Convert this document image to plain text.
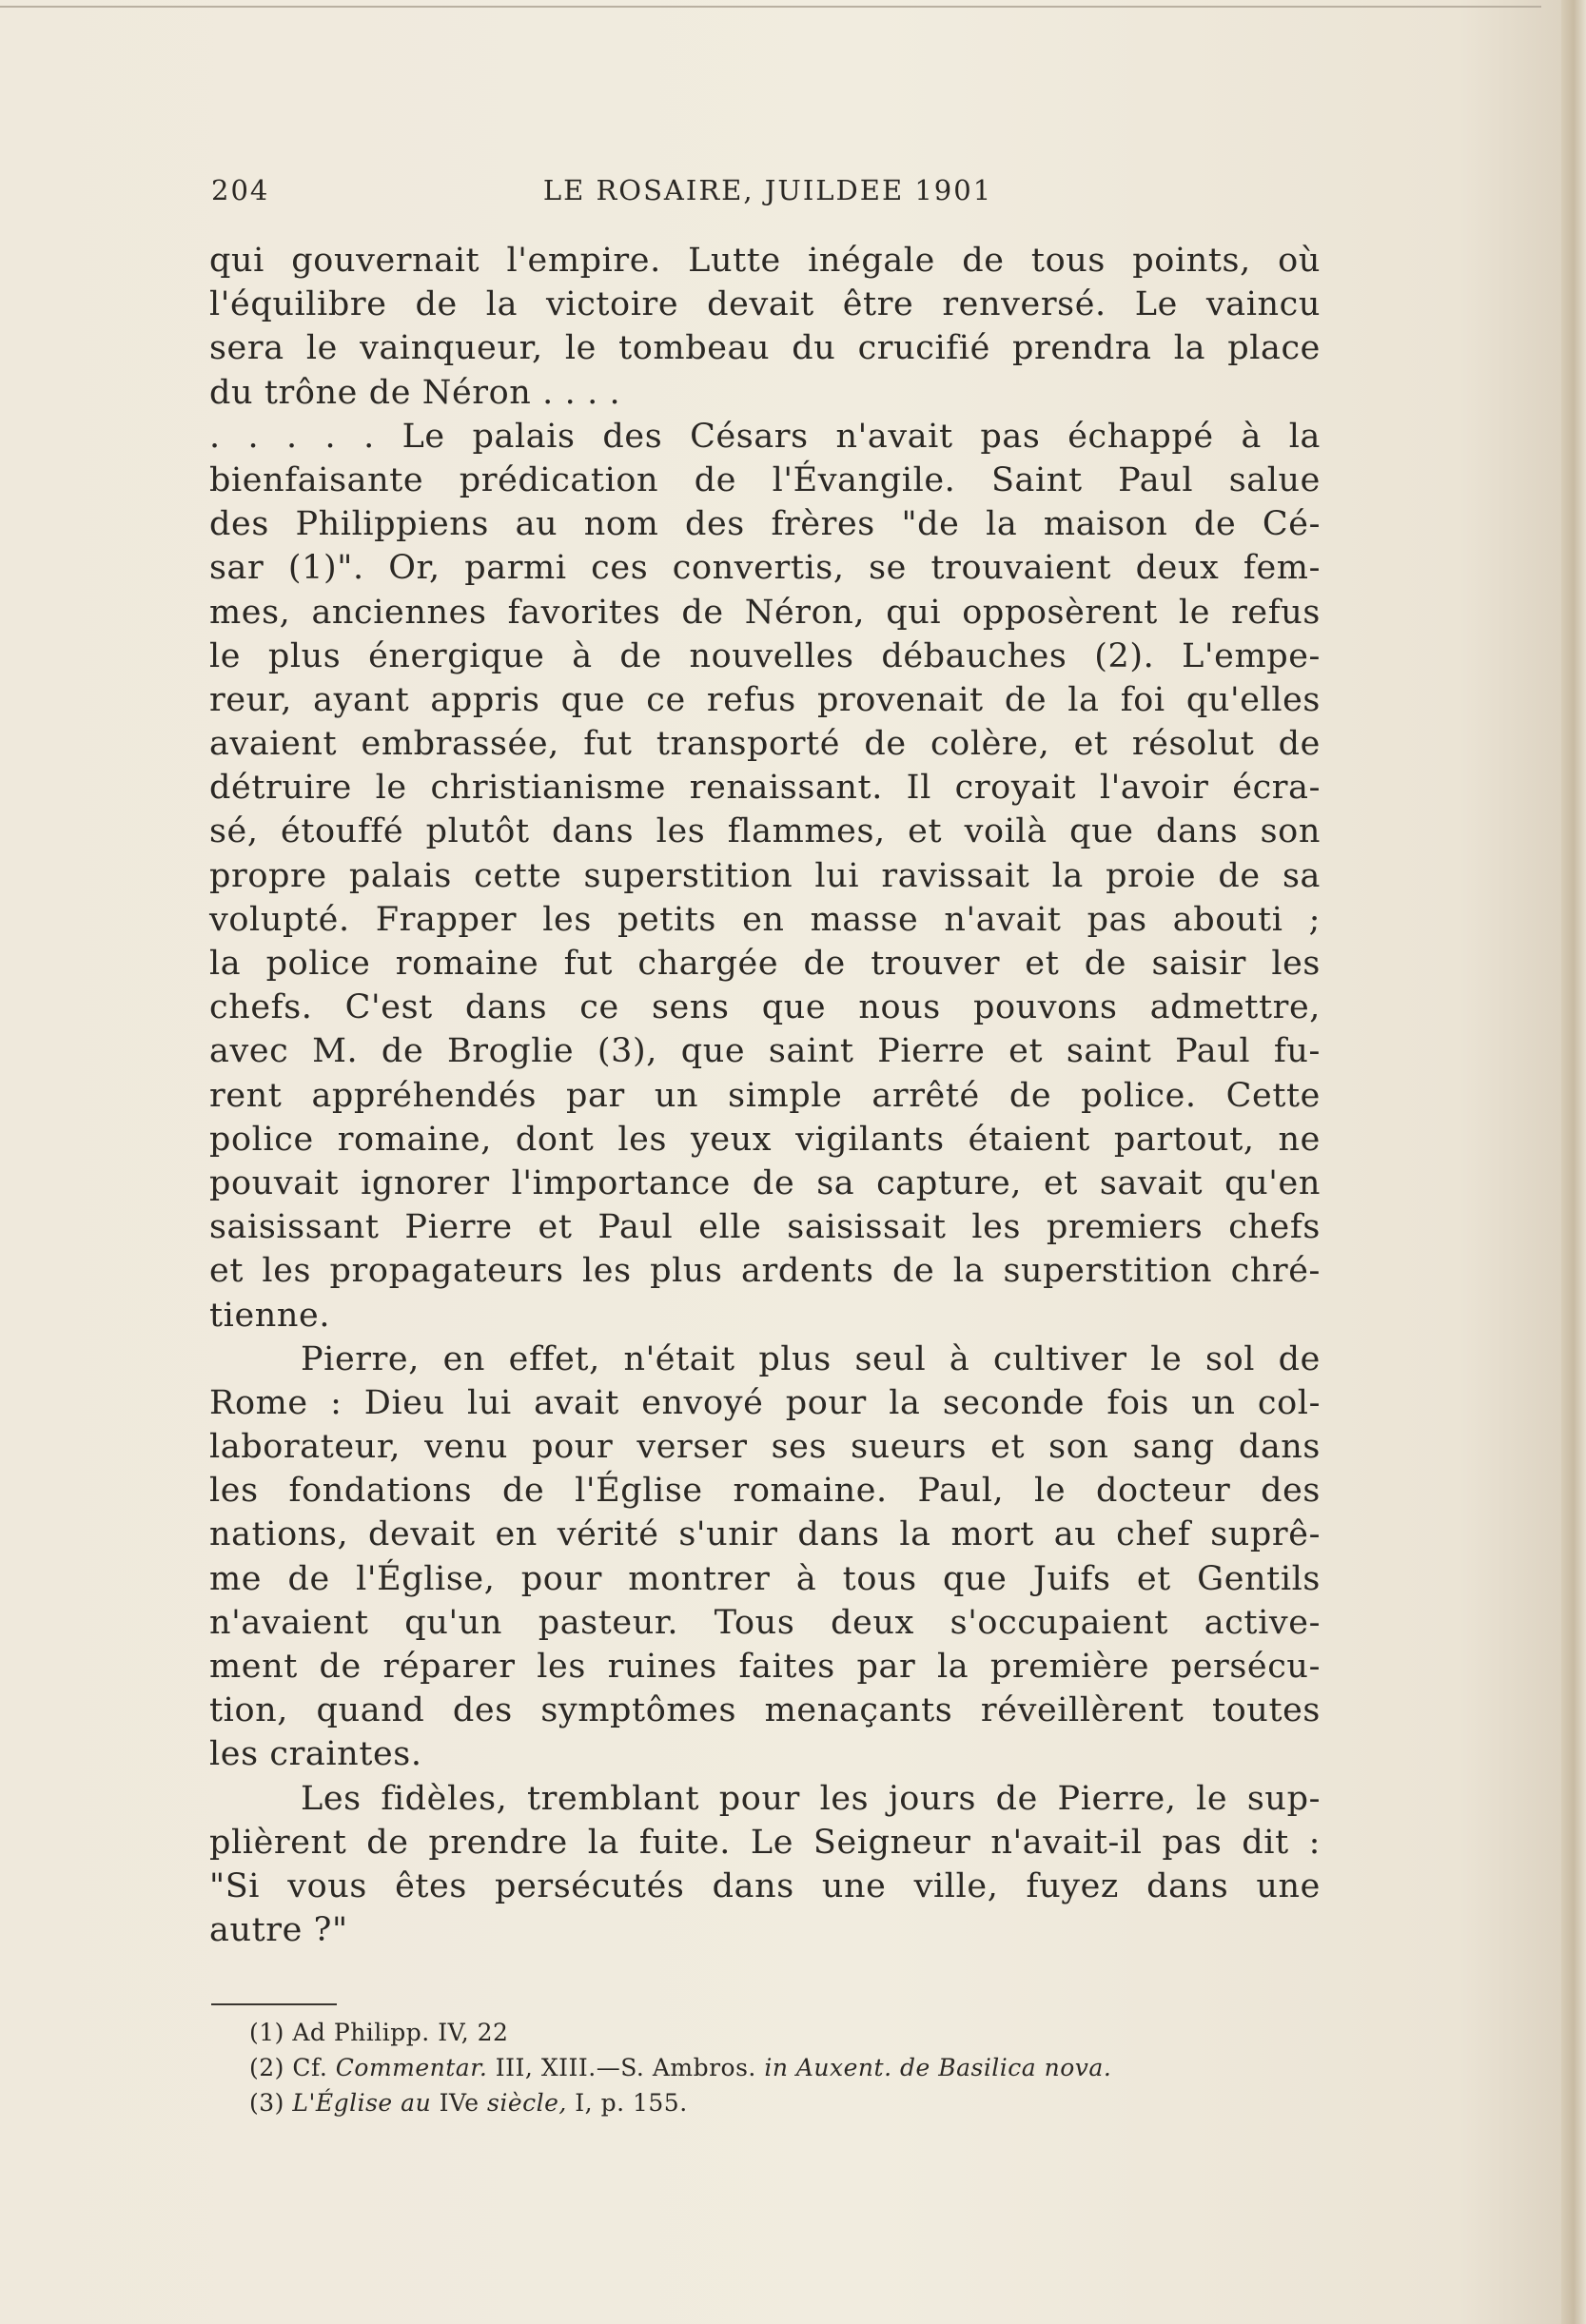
204	LE ROSAIRE, JUILDEE 1901
qui gouvernait l'empire. Lutte inégale de tous points, où
l'équilibre de la victoire devait être renversé. Le vaincu
sera le vainqueur, le tombeau du crucifié prendra la place
du trône de Néron . . . .
. . . . . Le palais des Césars n'avait pas échappé à la
bienfaisante prédication de l'Évangile. Saint Paul salue
des Philippiens au nom des frères "de la maison de Cé-
sar (1)". Or, parmi ces convertis, se trouvaient deux fem-
mes, anciennes favorites de Néron, qui opposèrent le refus
le plus énergique à de nouvelles débauches (2). L'empe-
reur, ayant appris que ce refus provenait de la foi qu'elles
avaient embrassée, fut transporté de colère, et résolut de
détruire le christianisme renaissant. Il croyait l'avoir écra-
sé, étouffé plutôt dans les flammes, et voilà que dans son
propre palais cette superstition lui ravissait la proie de sa
volupté. Frapper les petits en masse n'avait pas abouti ;
la police romaine fut chargée de trouver et de saisir les
chefs. C'est dans ce sens que nous pouvons admettre,
avec M. de Broglie (3), que saint Pierre et saint Paul fu-
rent appréhendés par un simple arrêté de police. Cette
police romaine, dont les yeux vigilants étaient partout, ne
pouvait ignorer l'importance de sa capture, et savait qu'en
saisissant Pierre et Paul elle saisissait les premiers chefs
et les propagateurs les plus ardents de la superstition chré-
tienne.
Pierre, en effet, n'était plus seul à cultiver le sol de
Rome : Dieu lui avait envoyé pour la seconde fois un col-
laborateur, venu pour verser ses sueurs et son sang dans
les fondations de l'Église romaine. Paul, le docteur des
nations, devait en vérité s'unir dans la mort au chef suprê-
me de l'Église, pour montrer à tous que Juifs et Gentils
n'avaient qu'un pasteur. Tous deux s'occupaient active-
ment de réparer les ruines faites par la première persécu-
tion, quand des symptômes menaçants réveillèrent toutes
les craintes.
Les fidèles, tremblant pour les jours de Pierre, le sup-
plièrent de prendre la fuite. Le Seigneur n'avait-il pas dit :
"Si vous êtes persécutés dans une ville, fuyez dans une
autre ?"
(1) Ad Philipp. IV, 22
(2) Cf. Commentar. III, XIII.—S. Ambros. in Auxent. de Basilica nova.
(3) L'Église au IVe siècle, I, p. 155.
